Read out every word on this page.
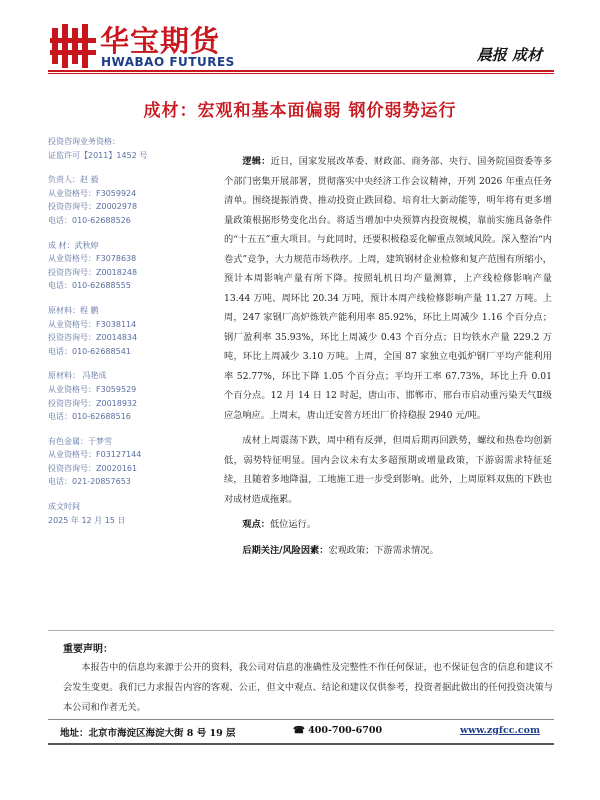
华宝期货
HWABAO FUTURES	晨报 成材
成材：宏观和基本面偏弱 钢价弱势运行
投资咨询业务资格：
证监许可【2011】1452 号
负责人：赵 毅
从业资格号：F3059924
投资咨询号：Z0002978
电话：010-62688526
成 材：武秋婷
从业资格号：F3078638
投资咨询号：Z0018248
电话：010-62688555
原材料：程 鹏
从业资格号：F3038114
投资咨询号：Z0014834
电话：010-62688541
原材料： 冯艳成
从业资格号：F3059529
投资咨询号：Z0018932
电话：010-62688516
有色金属：于梦雪
从业资格号：F03127144
投资咨询号：Z0020161
电话：021-20857653
成文时间
2025 年 12 月 15 日

逻辑：近日，国家发展改革委、财政部、商务部、央行、国务院国资委等多个部门密集开展部署，贯彻落实中央经济工作会议精神，开列 2026 年重点任务清单。围绕提振消费、推动投资止跌回稳、培育壮大新动能等，明年将有更多增量政策根据形势变化出台。将适当增加中央预算内投资规模，靠前实施具备条件的“十五五”重大项目。与此同时，还要积极稳妥化解重点领域风险。深入整治“内卷式”竞争，大力规范市场秩序。上周，建筑钢材企业检修和复产范围有所缩小，预计本周影响产量有所下降。按照轧机日均产量测算，上产线检修影响产量 13.44 万吨、周环比 20.34 万吨，预计本周产线检修影响产量 11.27 万吨。上周，247 家钢厂高炉炼铁产能利用率 85.92%，环比上周减少 1.16 个百分点；钢厂盈利率 35.93%，环比上周减少 0.43 个百分点；日均铁水产量 229.2 万吨，环比上周减少 3.10 万吨。上周，全国 87 家独立电弧炉钢厂平均产能利用率 52.77%，环比下降 1.05 个百分点；平均开工率 67.73%，环比上升 0.01 个百分点。12 月 14 日 12 时起，唐山市、邯郸市、邢台市启动重污染天气Ⅱ级应急响应。上周末，唐山迁安普方坯出厂价持稳报 2940 元/吨。

成材上周震荡下跌，周中稍有反弹，但周后期再回跌势，螺纹和热卷均创新低，弱势特征明显。国内会议未有太多超预期或增量政策，下游弱需求特征延续，且随着多地降温，工地施工进一步受到影响。此外，上周原料双焦的下跌也对成材造成拖累。

观点：低位运行。

后期关注/风险因素：宏观政策；下游需求情况。

重要声明：
本报告中的信息均来源于公开的资料，我公司对信息的准确性及完整性不作任何保证，也不保证包含的信息和建议不会发生变更。我们已力求报告内容的客观、公正，但文中观点、结论和建议仅供参考，投资者据此做出的任何投资决策与本公司和作者无关。
地址：北京市海淀区海淀大街 8 号 19 层	☎ 400-700-6700	www.zgfcc.com
